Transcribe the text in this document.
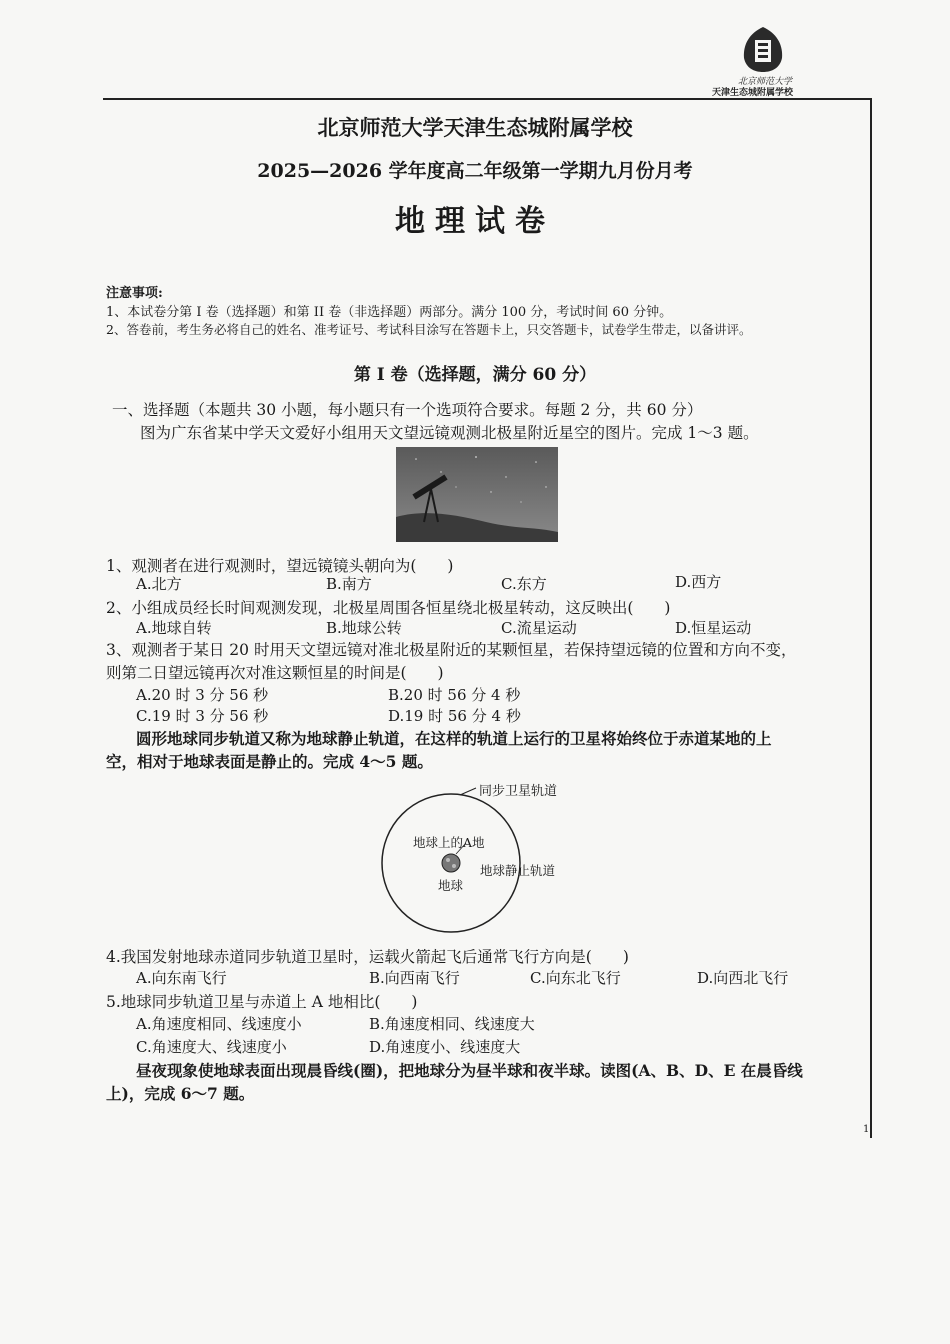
北京师范大学
天津生态城附属学校
北京师范大学天津生态城附属学校
2025—2026 学年度高二年级第一学期九月份月考
地理试卷
注意事项:
1、本试卷分第 I 卷（选择题）和第 II 卷（非选择题）两部分。满分 100 分，考试时间 60 分钟。
2、答卷前，考生务必将自己的姓名、准考证号、考试科目涂写在答题卡上，只交答题卡，试卷学生带走，以备讲评。
第 I 卷（选择题，满分 60 分）
一、选择题（本题共 30 小题，每小题只有一个选项符合要求。每题 2 分，共 60 分）
图为广东省某中学天文爱好小组用天文望远镜观测北极星附近星空的图片。完成 1～3 题。
1、观测者在进行观测时，望远镜镜头朝向为(　　)
A.北方	B.南方	C.东方	D.西方
2、小组成员经长时间观测发现，北极星周围各恒星绕北极星转动，这反映出(　　)
A.地球自转	B.地球公转	C.流星运动	D.恒星运动
3、观测者于某日 20 时用天文望远镜对准北极星附近的某颗恒星，若保持望远镜的位置和方向不变，
则第二日望远镜再次对准这颗恒星的时间是(　　)
A.20 时 3 分 56 秒	B.20 时 56 分 4 秒
C.19 时 3 分 56 秒	D.19 时 56 分 4 秒
圆形地球同步轨道又称为地球静止轨道，在这样的轨道上运行的卫星将始终位于赤道某地的上
空，相对于地球表面是静止的。完成 4～5 题。
同步卫星轨道
地球上的A地
地球静止轨道
地球
4.我国发射地球赤道同步轨道卫星时，运载火箭起飞后通常飞行方向是(　　)
A.向东南飞行	B.向西南飞行	C.向东北飞行	D.向西北飞行
5.地球同步轨道卫星与赤道上 A 地相比(　　)
A.角速度相同、线速度小	B.角速度相同、线速度大
C.角速度大、线速度小	D.角速度小、线速度大
昼夜现象使地球表面出现晨昏线(圈)，把地球分为昼半球和夜半球。读图(A、B、D、E 在晨昏线
上)，完成 6～7 题。
1
